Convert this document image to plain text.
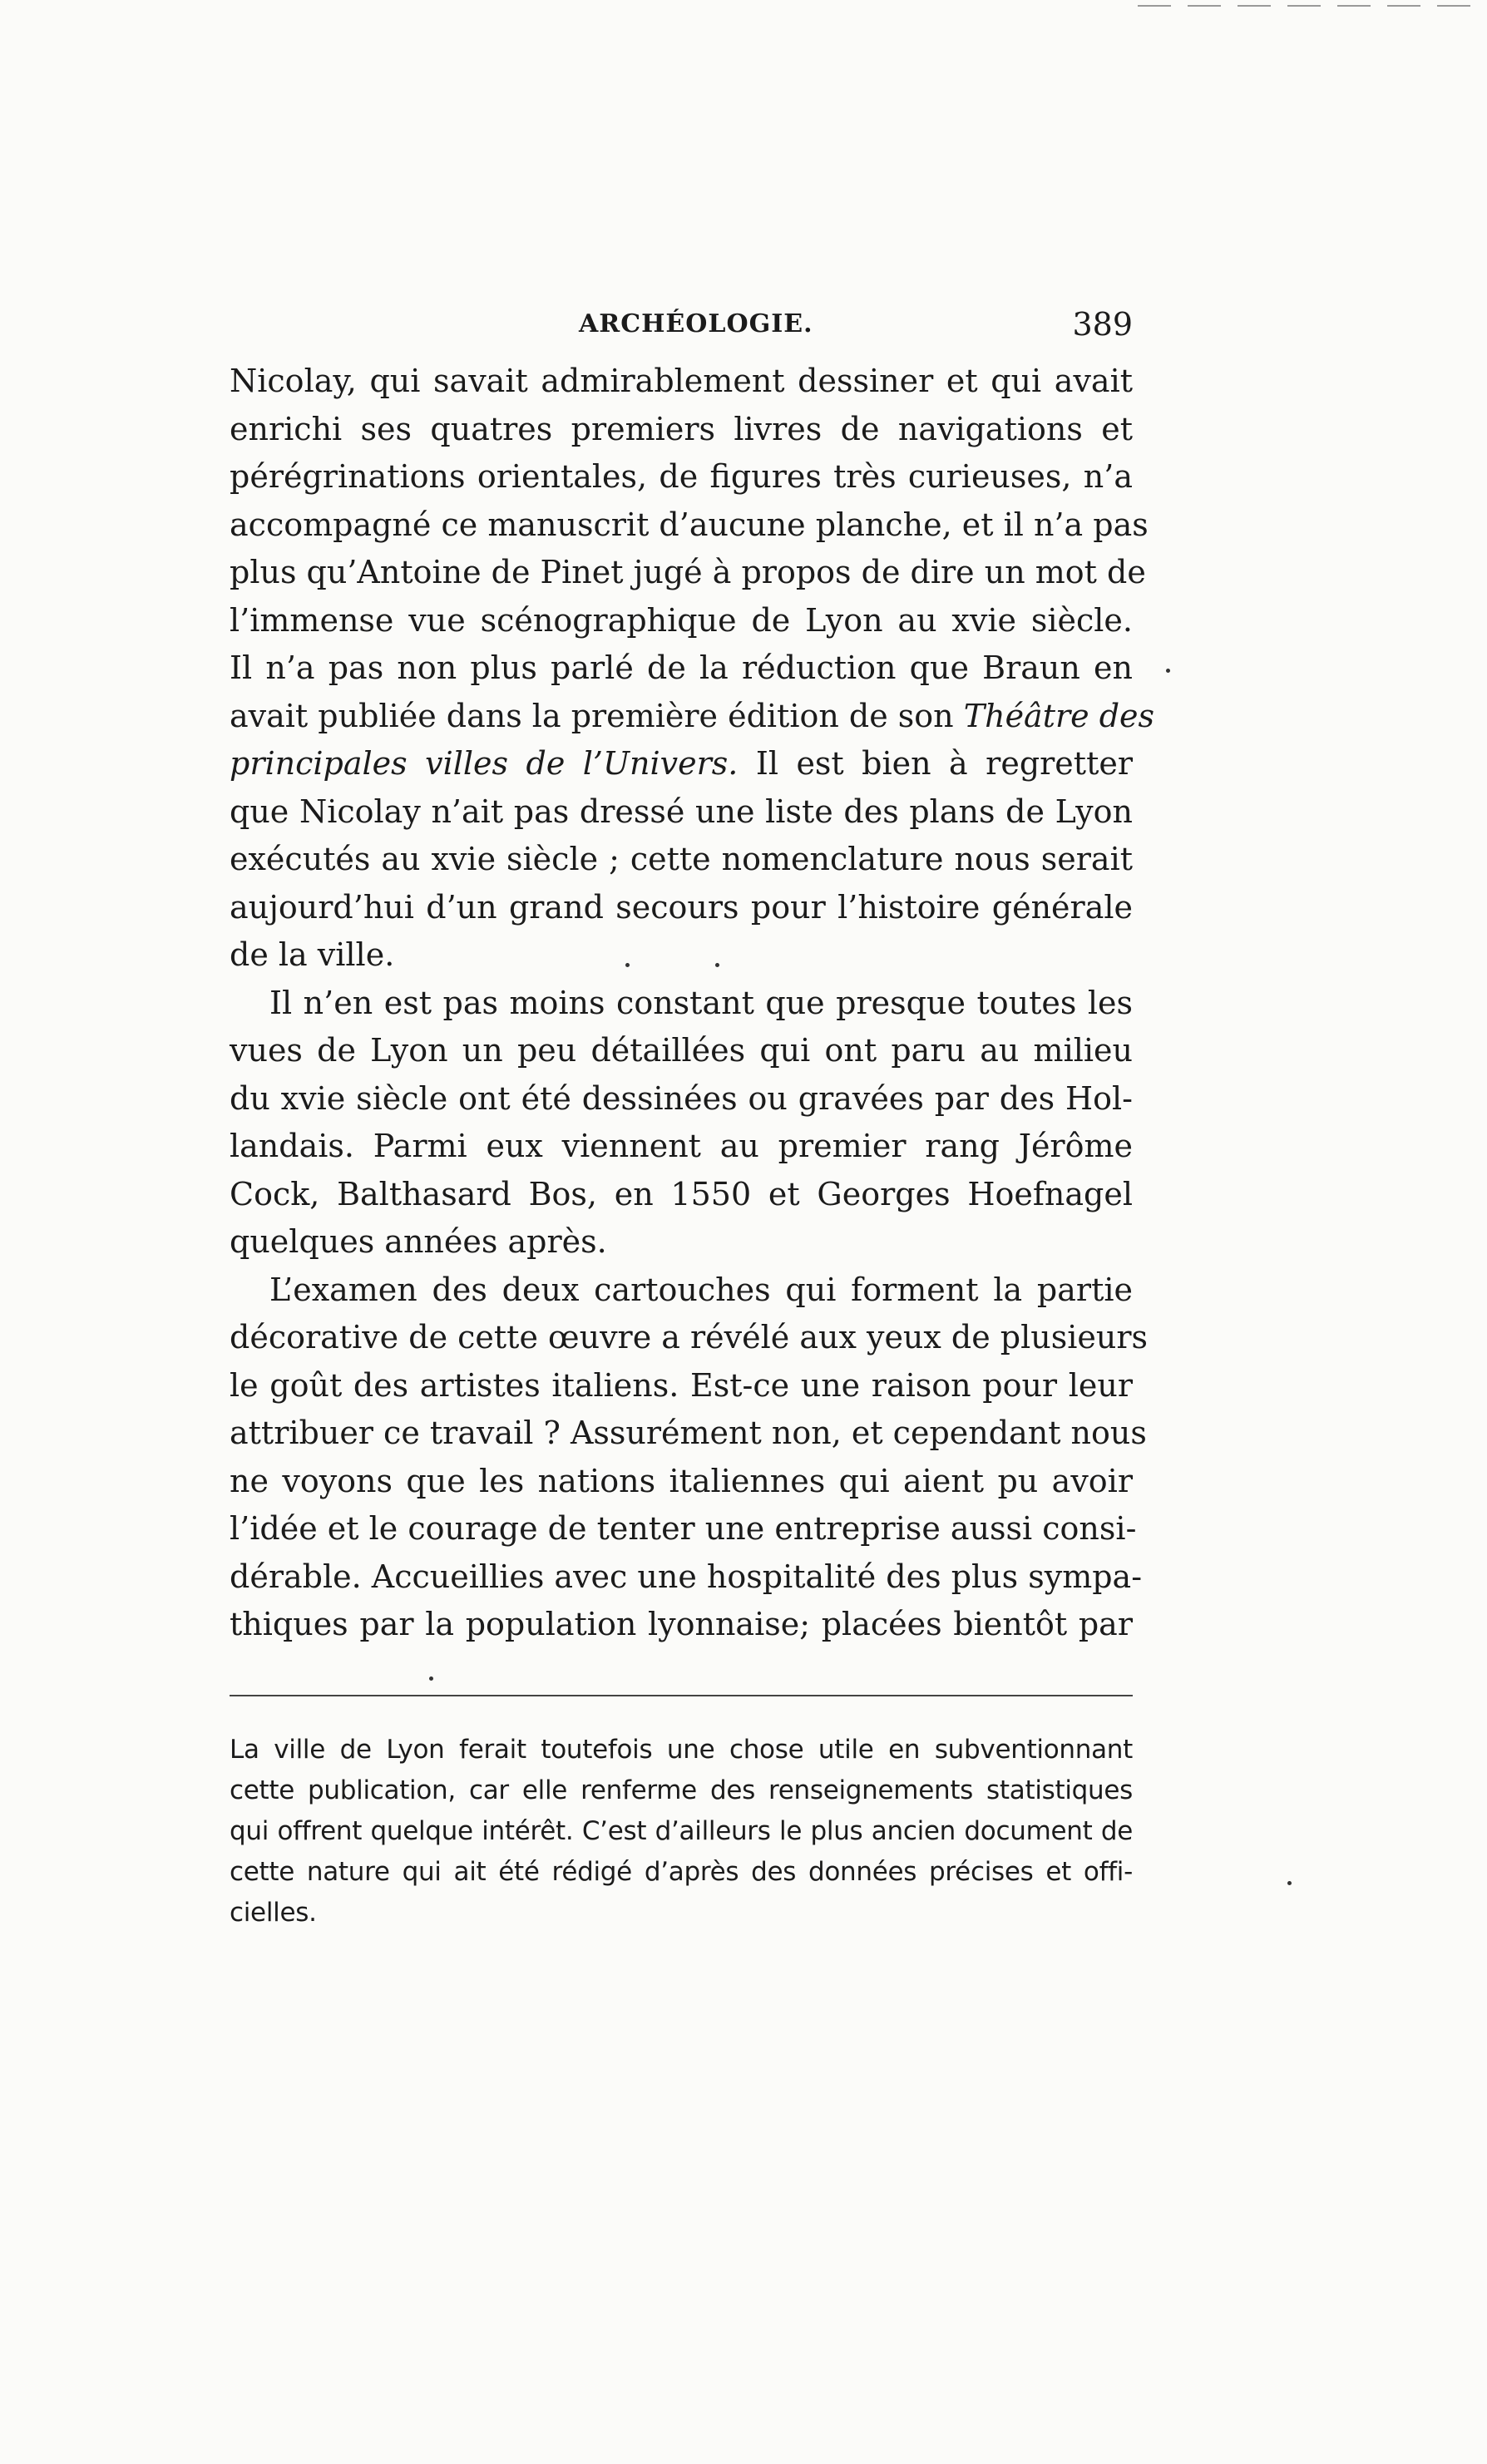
ARCHÉOLOGIE.	389
Nicolay, qui savait admirablement dessiner et qui avait
enrichi ses quatres premiers livres de navigations et
pérégrinations orientales, de figures très curieuses, n’a
accompagné ce manuscrit d’aucune planche, et il n’a pas
plus qu’Antoine de Pinet jugé à propos de dire un mot de
l’immense vue scénographique de Lyon au xvie siècle.
Il n’a pas non plus parlé de la réduction que Braun en
avait publiée dans la première édition de son Théâtre des
principales villes de l’Univers. Il est bien à regretter
que Nicolay n’ait pas dressé une liste des plans de Lyon
exécutés au xvie siècle ; cette nomenclature nous serait
aujourd’hui d’un grand secours pour l’histoire générale
de la ville.
Il n’en est pas moins constant que presque toutes les
vues de Lyon un peu détaillées qui ont paru au milieu
du xvie siècle ont été dessinées ou gravées par des Hol-
landais. Parmi eux viennent au premier rang Jérôme
Cock, Balthasard Bos, en 1550 et Georges Hoefnagel
quelques années après.
L’examen des deux cartouches qui forment la partie
décorative de cette œuvre a révélé aux yeux de plusieurs
le goût des artistes italiens. Est-ce une raison pour leur
attribuer ce travail ? Assurément non, et cependant nous
ne voyons que les nations italiennes qui aient pu avoir
l’idée et le courage de tenter une entreprise aussi consi-
dérable. Accueillies avec une hospitalité des plus sympa-
thiques par la population lyonnaise; placées bientôt par
La ville de Lyon ferait toutefois une chose utile en subventionnant
cette publication, car elle renferme des renseignements statistiques
qui offrent quelque intérêt. C’est d’ailleurs le plus ancien document de
cette nature qui ait été rédigé d’après des données précises et offi-
cielles.
